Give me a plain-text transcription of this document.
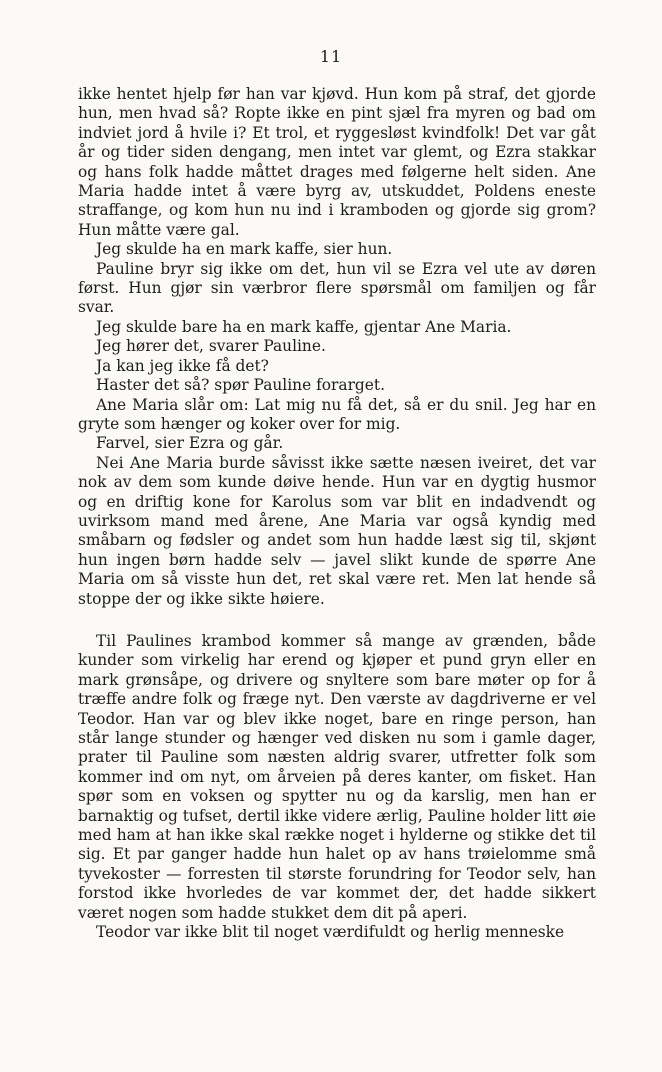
11

ikke hentet hjelp før han var kjøvd. Hun kom på straf, det gjorde hun, men hvad så? Ropte ikke en pint sjæl fra myren og bad om indviet jord å hvile i? Et trol, et ryggesløst kvindfolk! Det var gåt år og tider siden dengang, men intet var glemt, og Ezra stakkar og hans folk hadde måttet drages med følgerne helt siden. Ane Maria hadde intet å være byrg av, utskuddet, Poldens eneste straffange, og kom hun nu ind i kramboden og gjorde sig grom? Hun måtte være gal.

Jeg skulde ha en mark kaffe, sier hun.

Pauline bryr sig ikke om det, hun vil se Ezra vel ute av døren først. Hun gjør sin værbror flere spørsmål om familjen og får svar.

Jeg skulde bare ha en mark kaffe, gjentar Ane Maria.

Jeg hører det, svarer Pauline.

Ja kan jeg ikke få det?

Haster det så? spør Pauline forarget.

Ane Maria slår om: Lat mig nu få det, så er du snil. Jeg har en gryte som hænger og koker over for mig.

Farvel, sier Ezra og går.

Nei Ane Maria burde såvisst ikke sætte næsen iveiret, det var nok av dem som kunde døive hende. Hun var en dygtig husmor og en driftig kone for Karolus som var blit en indadvendt og uvirksom mand med årene, Ane Maria var også kyndig med småbarn og fødsler og andet som hun hadde læst sig til, skjønt hun ingen børn hadde selv — javel slikt kunde de spørre Ane Maria om så visste hun det, ret skal være ret. Men lat hende så stoppe der og ikke sikte høiere.

Til Paulines krambod kommer så mange av grænden, både kunder som virkelig har erend og kjøper et pund gryn eller en mark grønsåpe, og drivere og snyltere som bare møter op for å træffe andre folk og fræge nyt. Den værste av dagdriverne er vel Teodor. Han var og blev ikke noget, bare en ringe person, han står lange stunder og hænger ved disken nu som i gamle dager, prater til Pauline som næsten aldrig svarer, utfretter folk som kommer ind om nyt, om årveien på deres kanter, om fisket. Han spør som en voksen og spytter nu og da karslig, men han er barnaktig og tufset, dertil ikke videre ærlig, Pauline holder litt øie med ham at han ikke skal række noget i hylderne og stikke det til sig. Et par ganger hadde hun halet op av hans trøielomme små tyvekoster — forresten til største forundring for Teodor selv, han forstod ikke hvorledes de var kommet der, det hadde sikkert været nogen som hadde stukket dem dit på aperi.

Teodor var ikke blit til noget værdifuldt og herlig menneske
